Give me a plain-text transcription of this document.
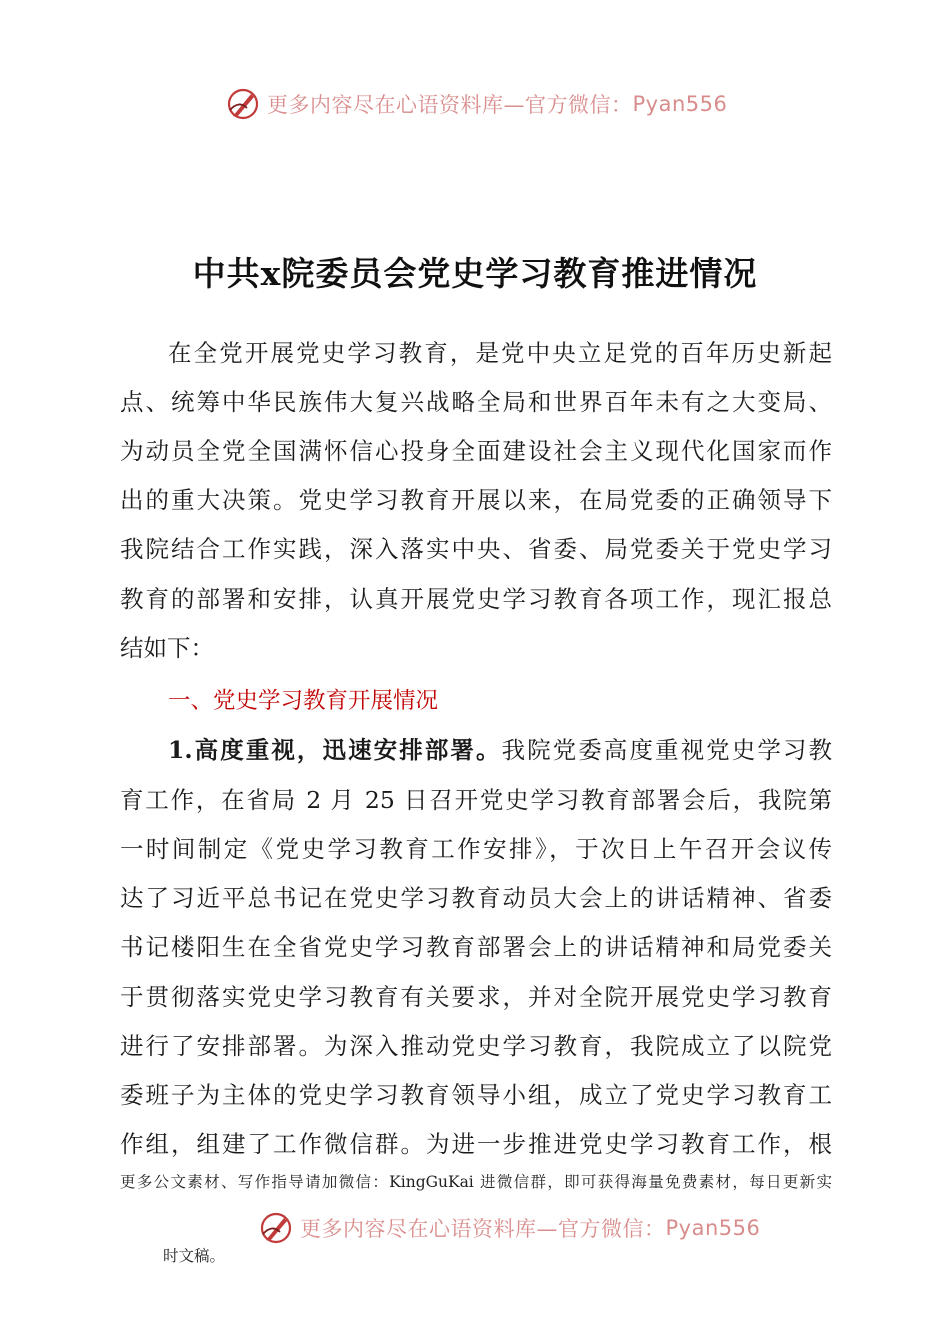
更多内容尽在心语资料库—官方微信： Pyan556
中共x院委员会党史学习教育推进情况
在全党开展党史学习教育，是党中央立足党的百年历史新起
点、统筹中华民族伟大复兴战略全局和世界百年未有之大变局、
为动员全党全国满怀信心投身全面建设社会主义现代化国家而作
出的重大决策。党史学习教育开展以来，在局党委的正确领导下
我院结合工作实践，深入落实中央、省委、局党委关于党史学习
教育的部署和安排，认真开展党史学习教育各项工作，现汇报总
结如下：
一、党史学习教育开展情况
1.高度重视，迅速安排部署。我院党委高度重视党史学习教
育工作，在省局 2 月 25 日召开党史学习教育部署会后，我院第
一时间制定《党史学习教育工作安排》，于次日上午召开会议传
达了习近平总书记在党史学习教育动员大会上的讲话精神、省委
书记楼阳生在全省党史学习教育部署会上的讲话精神和局党委关
于贯彻落实党史学习教育有关要求，并对全院开展党史学习教育
进行了安排部署。为深入推动党史学习教育，我院成立了以院党
委班子为主体的党史学习教育领导小组，成立了党史学习教育工
作组，组建了工作微信群。为进一步推进党史学习教育工作，根
更多公文素材、写作指导请加微信：KingGuKai 进微信群，即可获得海量免费素材，每日更新实
更多内容尽在心语资料库—官方微信： Pyan556
时文稿。
